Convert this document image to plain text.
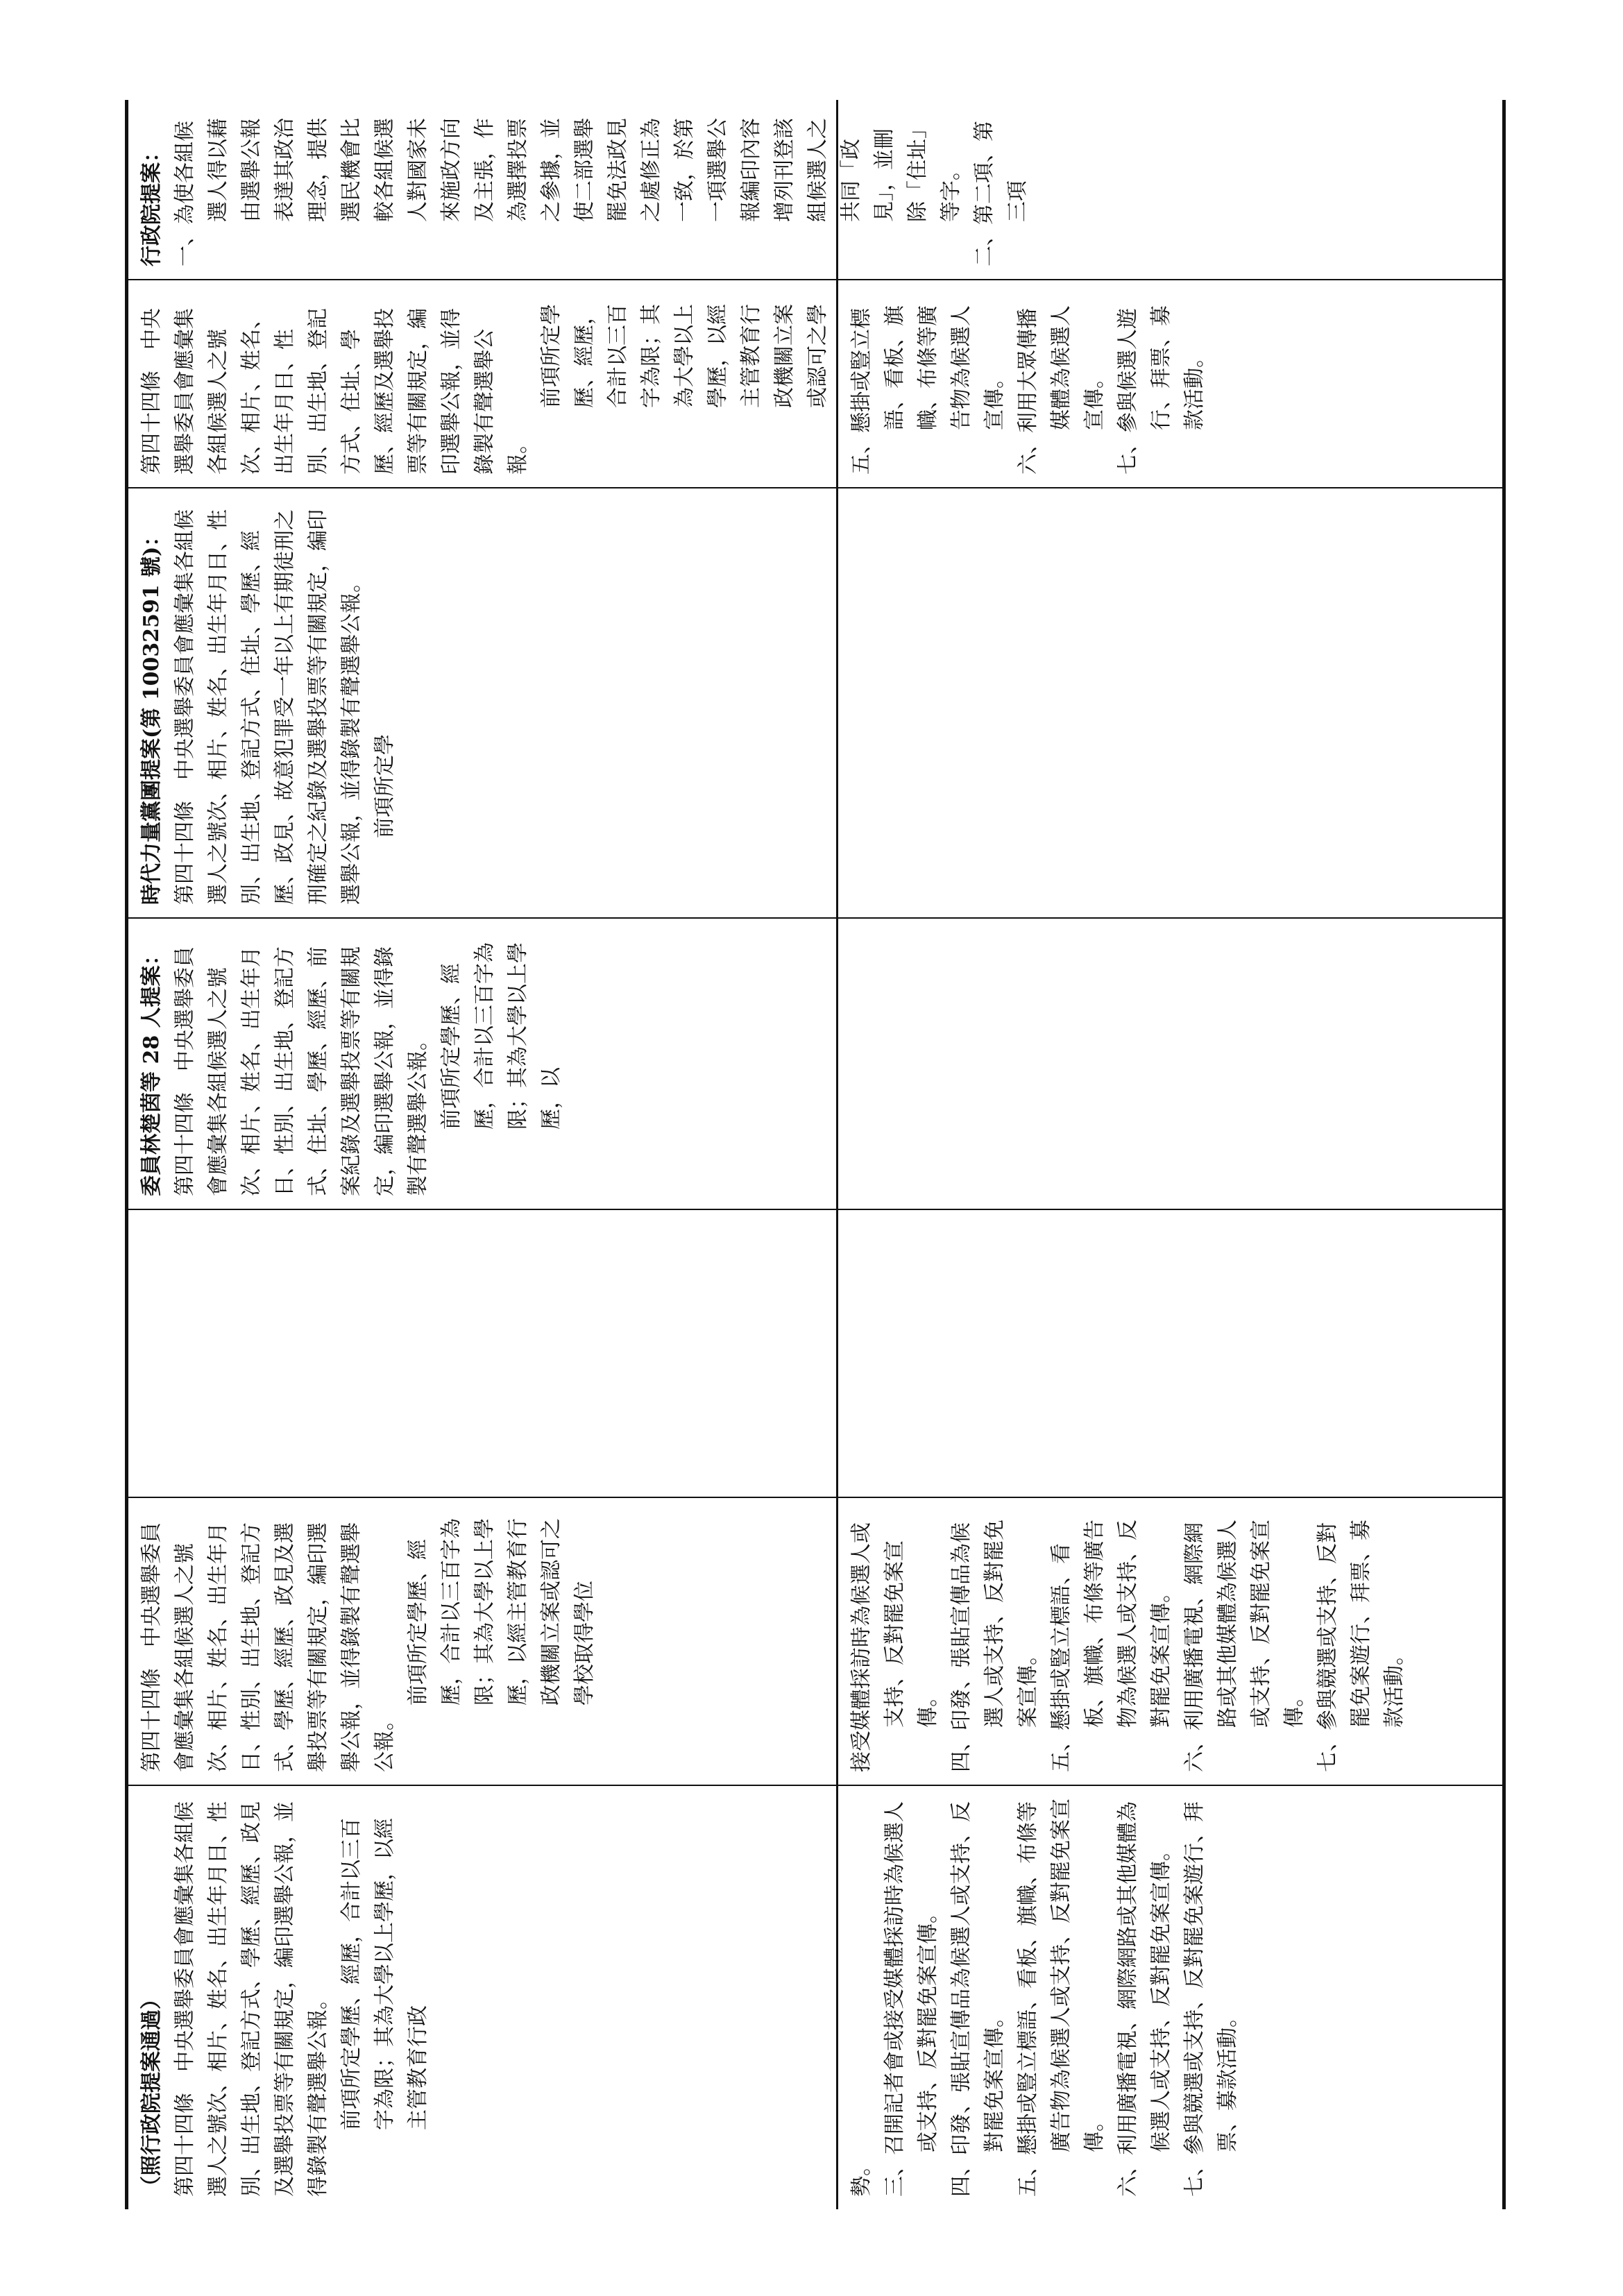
（照行政院提案通過） 第四十四條　中央選舉委員會應彙集各組候選人之號次、相片、姓名、出生年月日、性別、出生地、登記方式、學歷、經歷、政見及選舉投票等有關規定，編印選舉公報，並得錄製有聲選舉公報。 前項所定學歷、經歷，合計以三百字為限；其為大學以上學歷，以經主管教育行政

勢。 三、召開記者會或接受媒體採訪時為候選人或支持、反對罷免案宣傳。 四、印發、張貼宣傳品為候選人或支持、反對罷免案宣傳。 五、懸掛或豎立標語、看板、旗幟、布條等廣告物為候選人或支持、反對罷免案宣傳。 六、利用廣播電視、網際網路或其他媒體為候選人或支持、反對罷免案宣傳。 七、參與競選或支持、反對罷免案遊行、拜票、募款活動。

第四十四條　中央選舉委員會應彙集各組候選人之號次、相片、姓名、出生年月日、性別、出生地、登記方式、學歷、經歷、政見及選舉投票等有關規定，編印選舉公報，並得錄製有聲選舉公報。

前項所定學歷、經歷，合計以三百字為限；其為大學以上學歷，以經主管教育行政機關立案或認可之學校取得學位	接受媒體採訪時為候選人或支持、反對罷免案宣傳。 四、印發、張貼宣傳品為候選人或支持、反對罷免案宣傳。 五、懸掛或豎立標語、看板、旗幟、布條等廣告物為候選人或支持、反對罷免案宣傳。 六、利用廣播電視、網際網路或其他媒體為候選人或支持、反對罷免案宣傳。 七、參與競選或支持、反對罷免案遊行、拜票、募款活動。

委員林楚茵等 28 人提案： 第四十四條　中央選舉委員會應彙集各組候選人之號次、相片、姓名、出生年月日、性別、出生地、登記方式、住址、學歷、經歷、前案紀錄及選舉投票等有關規定，編印選舉公報，並得錄製有聲選舉公報。 前項所定學歷、經歷，合計以三百字為限；其為大學以上學歷，以

時代力量黨團提案(第 10032591 號)： 第四十四條　中央選舉委員會應彙集各組候選人之號次、相片、姓名、出生年月日、性別、出生地、登記方式、住址、學歷、經歷、政見、故意犯罪受一年以上有期徒刑之刑確定之紀錄及選舉投票等有關規定，編印選舉公報，並得錄製有聲選舉公報。 前項所定學

第四十四條　中央選舉委員會應彙集各組候選人之號次、相片、姓名、出生年月日、性別、出生地、登記方式、住址、學歷、經歷及選舉投票等有關規定，編印選舉公報，並得錄製有聲選舉公報。

前項所定學歷、經歷，合計以三百字為限；其為大學以上學歷，以經主管教育行政機關立案或認可之學 五、懸掛或豎立標語、看板、旗幟、布條等廣告物為候選人宣傳。 六、利用大眾傳播媒體為候選人宣傳。 七、參與候選人遊行、拜票、募款活動。

行政院提案： 一、為使各組候選人得以藉由選舉公報表達其政治理念，提供選民機會比較各組候選人對國家未來施政方向及主張，作為選擇投票之參據，並使二部選舉罷免法政見之處修正為一致，於第一項選舉公報編印內容增列刊登該組候選人之共同「政見」，並刪除「住址」等字。 二、第二項、第三項
